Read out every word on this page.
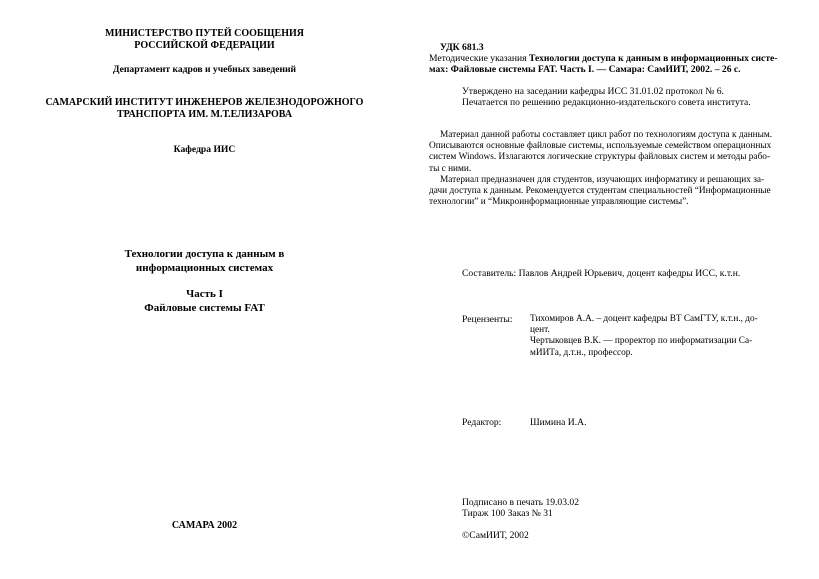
МИНИСТЕРСТВО ПУТЕЙ СООБЩЕНИЯ
РОССИЙСКОЙ ФЕДЕРАЦИИ
Департамент кадров и учебных заведений
САМАРСКИЙ ИНСТИТУТ ИНЖЕНЕРОВ ЖЕЛЕЗНОДОРОЖНОГО
ТРАНСПОРТА ИМ. М.Т.ЕЛИЗАРОВА
Кафедра ИИС
Технологии доступа к данным в
информационных системах
Часть I
Файловые системы FAT
САМАРА 2002
УДК 681.3
Методические указания Технологии доступа к данным в информационных систе-
мах: Файловые системы FAT. Часть I. — Самара: СамИИТ, 2002. – 26 с.
Утверждено на заседании кафедры ИСС 31.01.02 протокол № 6.
Печатается по решению редакционно-издательского совета института.
Материал данной работы составляет цикл работ по технологиям доступа к данным.
Описываются основные файловые системы, используемые семейством операционных
систем Windows. Излагаются логические структуры файловых систем и методы рабо-
ты с ними.
Материал предназначен для студентов, изучающих информатику и решающих за-
дачи доступа к данным. Рекомендуется студентам специальностей “Информационные
технологии” и “Микроинформационные управляющие системы”.
Составитель: Павлов Андрей Юрьевич, доцент кафедры ИСС, к.т.н.
Рецензенты: Тихомиров А.А. – доцент кафедры ВТ СамГТУ, к.т.н., до-
цент.
Чертыковцев В.К. — проректор по информатизации Са-
мИИТа, д.т.н., профессор.
Редактор:	Шимина И.А.
Подписано в печать 19.03.02
Тираж 100 Заказ № 31
©СамИИТ, 2002
